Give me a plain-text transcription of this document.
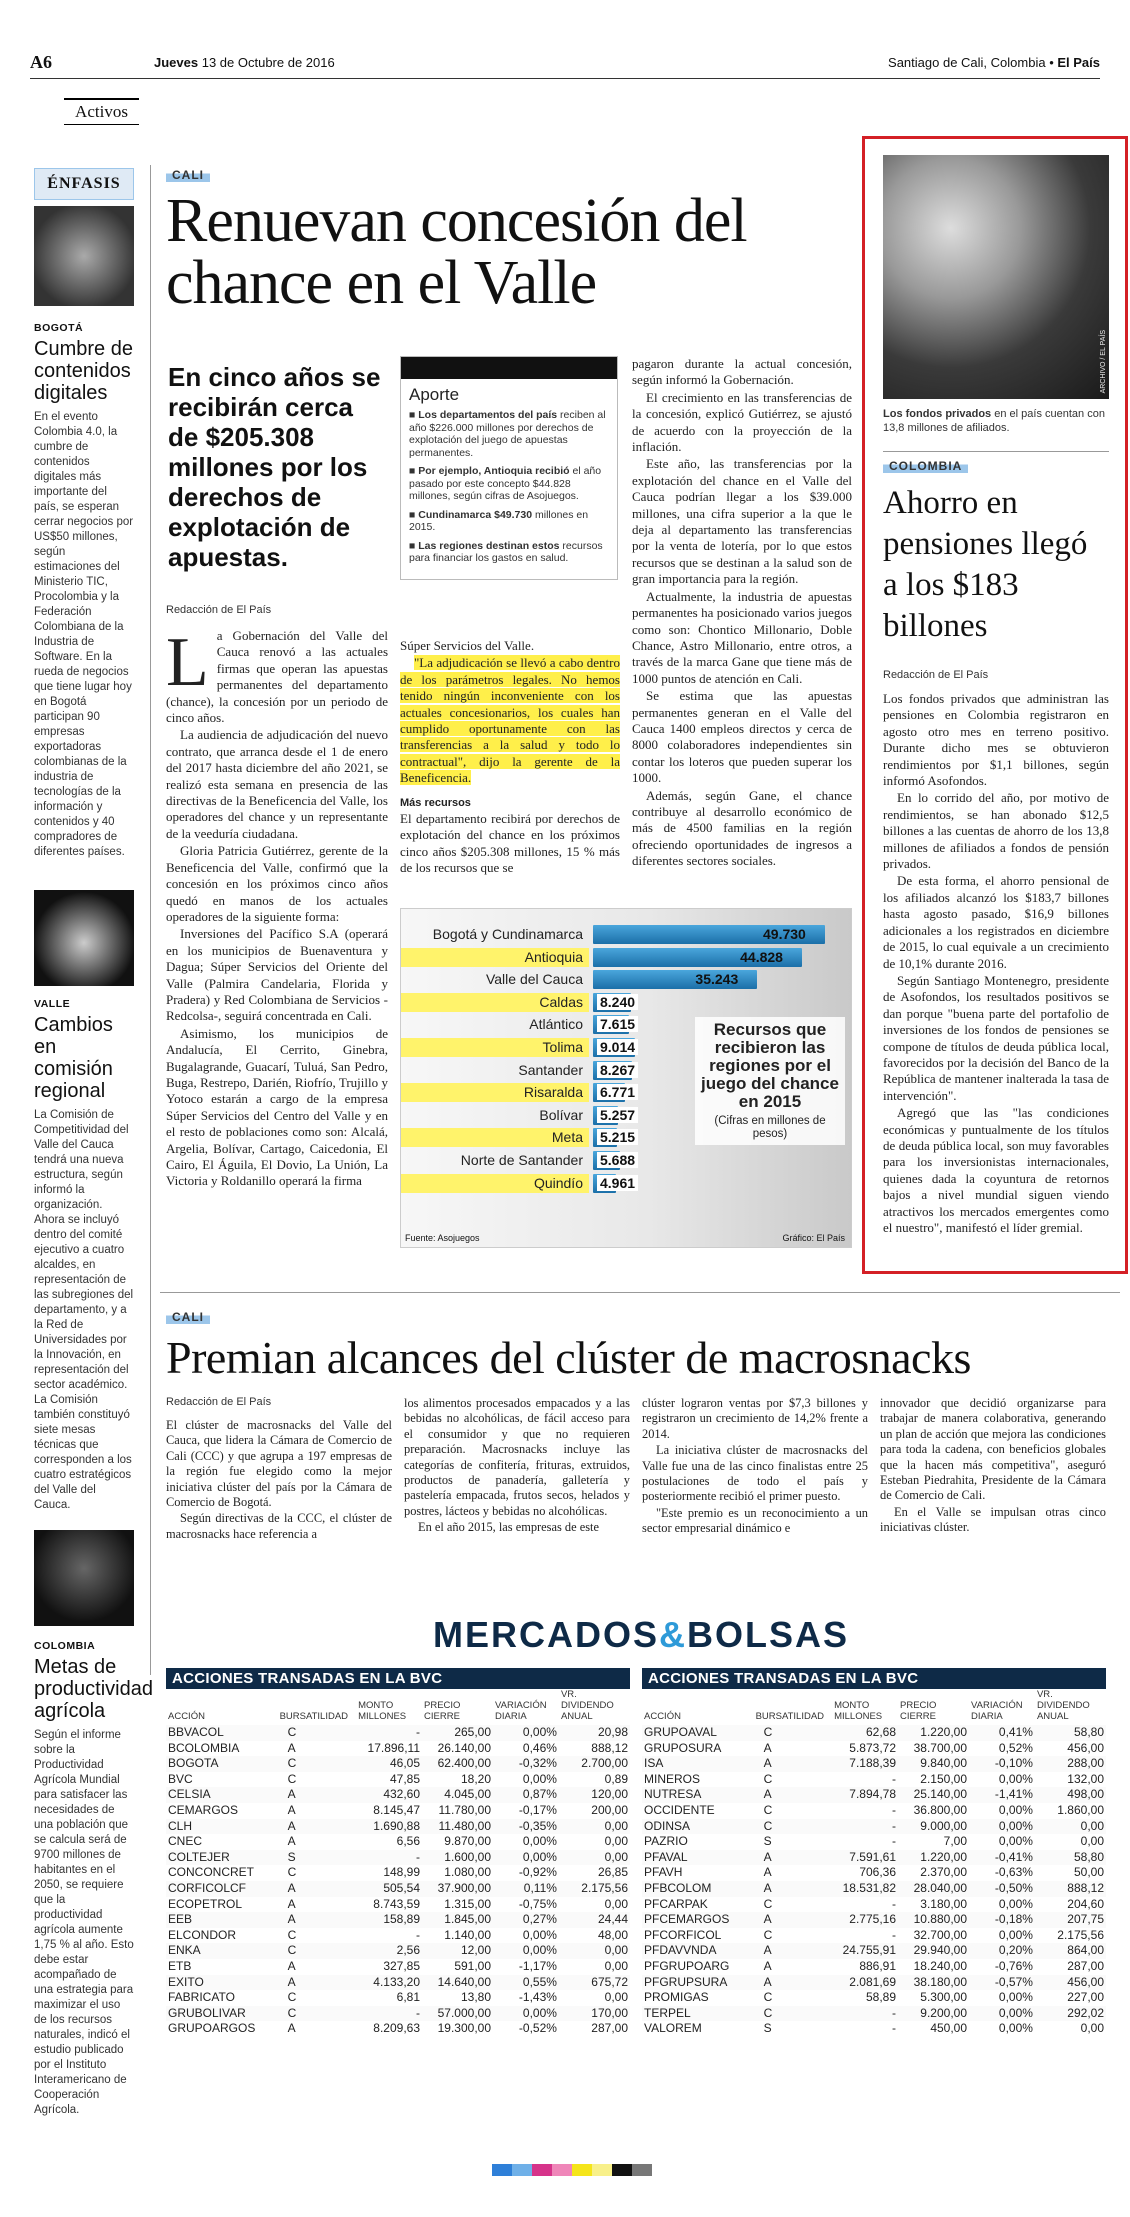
A6	Jueves 13 de Octubre de 2016	Santiago de Cali, Colombia • El País
Activos
ÉNFASIS
BOGOTÁ
Cumbre de contenidos digitales
En el evento Colombia 4.0, la cumbre de contenidos digitales más importante del país, se esperan cerrar negocios por US$50 millones, según estimaciones del Ministerio TIC, Procolombia y la Federación Colombiana de la Industria de Software. En la rueda de negocios que tiene lugar hoy en Bogotá participan 90 empresas exportadoras colombianas de la industria de tecnologías de la información y contenidos y 40 compradores de diferentes países.
VALLE
Cambios en comisión regional
La Comisión de Competitividad del Valle del Cauca tendrá una nueva estructura, según informó la organización. Ahora se incluyó dentro del comité ejecutivo a cuatro alcaldes, en representación de las subregiones del departamento, y a la Red de Universidades por la Innovación, en representación del sector académico. La Comisión también constituyó siete mesas técnicas que corresponden a los cuatro estratégicos del Valle del Cauca.
COLOMBIA
Metas de productividad agrícola
Según el informe sobre la Productividad Agrícola Mundial para satisfacer las necesidades de una población que se calcula será de 9700 millones de habitantes en el 2050, se requiere que la productividad agrícola aumente 1,75 % al año. Esto debe estar acompañado de una estrategia para maximizar el uso de los recursos naturales, indicó el estudio publicado por el Instituto Interamericano de Cooperación Agrícola.
CALI
Renuevan concesión del chance en el Valle
En cinco años se recibirán cerca de $205.308 millones por los derechos de explotación de apuestas.
Aporte
■ Los departamentos del país reciben al año $226.000 millones por derechos de explotación del juego de apuestas permanentes.
■ Por ejemplo, Antioquia recibió el año pasado por este concepto $44.828 millones, según cifras de Asojuegos.
■ Cundinamarca $49.730 millones en 2015.
■ Las regiones destinan estos recursos para financiar los gastos en salud.
Redacción de El País
L a Gobernación del Valle del Cauca renovó a las actuales firmas que operan las apuestas permanentes del departamento (chance), la concesión por un periodo de cinco años.

La audiencia de adjudicación del nuevo contrato, que arranca desde el 1 de enero del 2017 hasta diciembre del año 2021, se realizó esta semana en presencia de las directivas de la Beneficencia del Valle, los operadores del chance y un representante de la veeduría ciudadana.

Gloria Patricia Gutiérrez, gerente de la Beneficencia del Valle, confirmó que la concesión en los próximos cinco años quedó en manos de los actuales operadores de la siguiente forma:

Inversiones del Pacífico S.A (operará en los municipios de Buenaventura y Dagua; Súper Servicios del Oriente del Valle (Palmira Candelaria, Florida y Pradera) y Red Colombiana de Servicios -Redcolsa-, seguirá concentrada en Cali.

Asimismo, los municipios de Andalucía, El Cerrito, Ginebra, Bugalagrande, Guacarí, Tuluá, San Pedro, Buga, Restrepo, Darién, Riofrío, Trujillo y Yotoco estarán a cargo de la empresa Súper Servicios del Centro del Valle y en el resto de poblaciones como son: Alcalá, Argelia, Bolívar, Cartago, Caicedonia, El Cairo, El Águila, El Dovio, La Unión, La Victoria y Roldanillo operará la firma

Súper Servicios del Valle.

"La adjudicación se llevó a cabo dentro de los parámetros legales. No hemos tenido ningún inconveniente con los actuales concesionarios, los cuales han cumplido oportunamente con las transferencias a la salud y todo lo contractual", dijo la gerente de la Beneficencia.

Más recursos

El departamento recibirá por derechos de explotación del chance en los próximos cinco años $205.308 millones, 15 % más de los recursos que se

pagaron durante la actual concesión, según informó la Gobernación.

El crecimiento en las transferencias de la concesión, explicó Gutiérrez, se ajustó de acuerdo con la proyección de la inflación.

Este año, las transferencias por la explotación del chance en el Valle del Cauca podrían llegar a los $39.000 millones, una cifra superior a la que le deja al departamento las transferencias por la venta de lotería, por lo que estos recursos que se destinan a la salud son de gran importancia para la región.

Actualmente, la industria de apuestas permanentes ha posicionado varios juegos como son: Chontico Millonario, Doble Chance, Astro Millonario, entre otros, a través de la marca Gane que tiene más de 1000 puntos de atención en Cali.

Se estima que las apuestas permanentes generan en el Valle del Cauca 1400 empleos directos y cerca de 8000 colaboradores independientes sin contar los loteros que pueden superar los 1000.

Además, según Gane, el chance contribuye al desarrollo económico de más de 4500 familias en la región ofreciendo oportunidades de ingresos a diferentes sectores sociales.

Bogotá y Cundinamarca	49.730
Antioquia	44.828
Valle del Cauca	35.243
Caldas	8.240
Atlántico	7.615
Tolima	9.014
Santander	8.267
Risaralda	6.771
Bolívar	5.257
Meta	5.215
Norte de Santander	5.688
Quindío	4.961
Recursos que recibieron las regiones por el juego del chance en 2015
(Cifras en millones de pesos)
Fuente: Asojuegos	Gráfico: El País
ARCHIVO / EL PAÍS
Los fondos privados en el país cuentan con 13,8 millones de afiliados.
COLOMBIA
Ahorro en pensiones llegó a los $183 billones
Redacción de El País

Los fondos privados que administran las pensiones en Colombia registraron en agosto otro mes en terreno positivo. Durante dicho mes se obtuvieron rendimientos por $1,1 billones, según informó Asofondos.

En lo corrido del año, por motivo de rendimientos, se han abonado $12,5 billones a las cuentas de ahorro de los 13,8 millones de afiliados a fondos de pensión privados.

De esta forma, el ahorro pensional de los afiliados alcanzó los $183,7 billones hasta agosto pasado, $16,9 billones adicionales a los registrados en diciembre de 2015, lo cual equivale a un crecimiento de 10,1% durante 2016.

Según Santiago Montenegro, presidente de Asofondos, los resultados positivos se dan porque "buena parte del portafolio de inversiones de los fondos de pensiones se compone de títulos de deuda pública local, favorecidos por la decisión del Banco de la República de mantener inalterada la tasa de intervención".

Agregó que las "las condiciones económicas y puntualmente de los títulos de deuda pública local, son muy favorables para los inversionistas internacionales, quienes dada la coyuntura de retornos bajos a nivel mundial siguen viendo atractivos los mercados emergentes como el nuestro", manifestó el líder gremial.

CALI
Premian alcances del clúster de macrosnacks
Redacción de El País

El clúster de macrosnacks del Valle del Cauca, que lidera la Cámara de Comercio de Cali (CCC) y que agrupa a 197 empresas de la región fue elegido como la mejor iniciativa clúster del país por la Cámara de Comercio de Bogotá.

Según directivas de la CCC, el clúster de macrosnacks hace referencia a

los alimentos procesados empacados y a las bebidas no alcohólicas, de fácil acceso para el consumidor y que no requieren preparación. Macrosnacks incluye las categorías de confitería, frituras, extruidos, productos de panadería, galletería y pastelería empacada, frutos secos, helados y postres, lácteos y bebidas no alcohólicas.

En el año 2015, las empresas de este

clúster lograron ventas por $7,3 billones y registraron un crecimiento de 14,2% frente a 2014.

La iniciativa clúster de macrosnacks del Valle fue una de las cinco finalistas entre 25 postulaciones de todo el país y posteriormente recibió el primer puesto.

"Este premio es un reconocimiento a un sector empresarial dinámico e

innovador que decidió organizarse para trabajar de manera colaborativa, generando un plan de acción que mejora las condiciones para toda la cadena, con beneficios globales que la hacen más competitiva", aseguró Esteban Piedrahita, Presidente de la Cámara de Comercio de Cali.

En el Valle se impulsan otras cinco iniciativas clúster.

MERCADOS&BOLSAS
ACCIONES TRANSADAS EN LA BVC
ACCIÓN	BURSATILIDAD	MONTO MILLONES	PRECIO CIERRE	VARIACIÓN DIARIA	VR. DIVIDENDO ANUAL
BBVACOL	C	-	265,00	0,00%	20,98
BCOLOMBIA	A	17.896,11	26.140,00	0,46%	888,12
BOGOTA	C	46,05	62.400,00	-0,32%	2.700,00
BVC	C	47,85	18,20	0,00%	0,89
CELSIA	A	432,60	4.045,00	0,87%	120,00
CEMARGOS	A	8.145,47	11.780,00	-0,17%	200,00
CLH	A	1.690,88	11.480,00	-0,35%	0,00
CNEC	A	6,56	9.870,00	0,00%	0,00
COLTEJER	S	-	1.600,00	0,00%	0,00
CONCONCRET	C	148,99	1.080,00	-0,92%	26,85
CORFICOLCF	A	505,54	37.900,00	0,11%	2.175,56
ECOPETROL	A	8.743,59	1.315,00	-0,75%	0,00
EEB	A	158,89	1.845,00	0,27%	24,44
ELCONDOR	C	-	1.140,00	0,00%	48,00
ENKA	C	2,56	12,00	0,00%	0,00
ETB	A	327,85	591,00	-1,17%	0,00
EXITO	A	4.133,20	14.640,00	0,55%	675,72
FABRICATO	C	6,81	13,80	-1,43%	0,00
GRUBOLIVAR	C	-	57.000,00	0,00%	170,00
GRUPOARGOS	A	8.209,63	19.300,00	-0,52%	287,00
ACCIONES TRANSADAS EN LA BVC
ACCIÓN	BURSATILIDAD	MONTO MILLONES	PRECIO CIERRE	VARIACIÓN DIARIA	VR. DIVIDENDO ANUAL
GRUPOAVAL	C	62,68	1.220,00	0,41%	58,80
GRUPOSURA	A	5.873,72	38.700,00	0,52%	456,00
ISA	A	7.188,39	9.840,00	-0,10%	288,00
MINEROS	C	-	2.150,00	0,00%	132,00
NUTRESA	A	7.894,78	25.140,00	-1,41%	498,00
OCCIDENTE	C	-	36.800,00	0,00%	1.860,00
ODINSA	C	-	9.000,00	0,00%	0,00
PAZRIO	S	-	7,00	0,00%	0,00
PFAVAL	A	7.591,61	1.220,00	-0,41%	58,80
PFAVH	A	706,36	2.370,00	-0,63%	50,00
PFBCOLOM	A	18.531,82	28.040,00	-0,50%	888,12
PFCARPAK	C	-	3.180,00	0,00%	204,60
PFCEMARGOS	A	2.775,16	10.880,00	-0,18%	207,75
PFCORFICOL	C	-	32.700,00	0,00%	2.175,56
PFDAVVNDA	A	24.755,91	29.940,00	0,20%	864,00
PFGRUPOARG	A	886,91	18.240,00	-0,76%	287,00
PFGRUPSURA	A	2.081,69	38.180,00	-0,57%	456,00
PROMIGAS	C	58,89	5.300,00	0,00%	227,00
TERPEL	C	-	9.200,00	0,00%	292,02
VALOREM	S	-	450,00	0,00%	0,00
